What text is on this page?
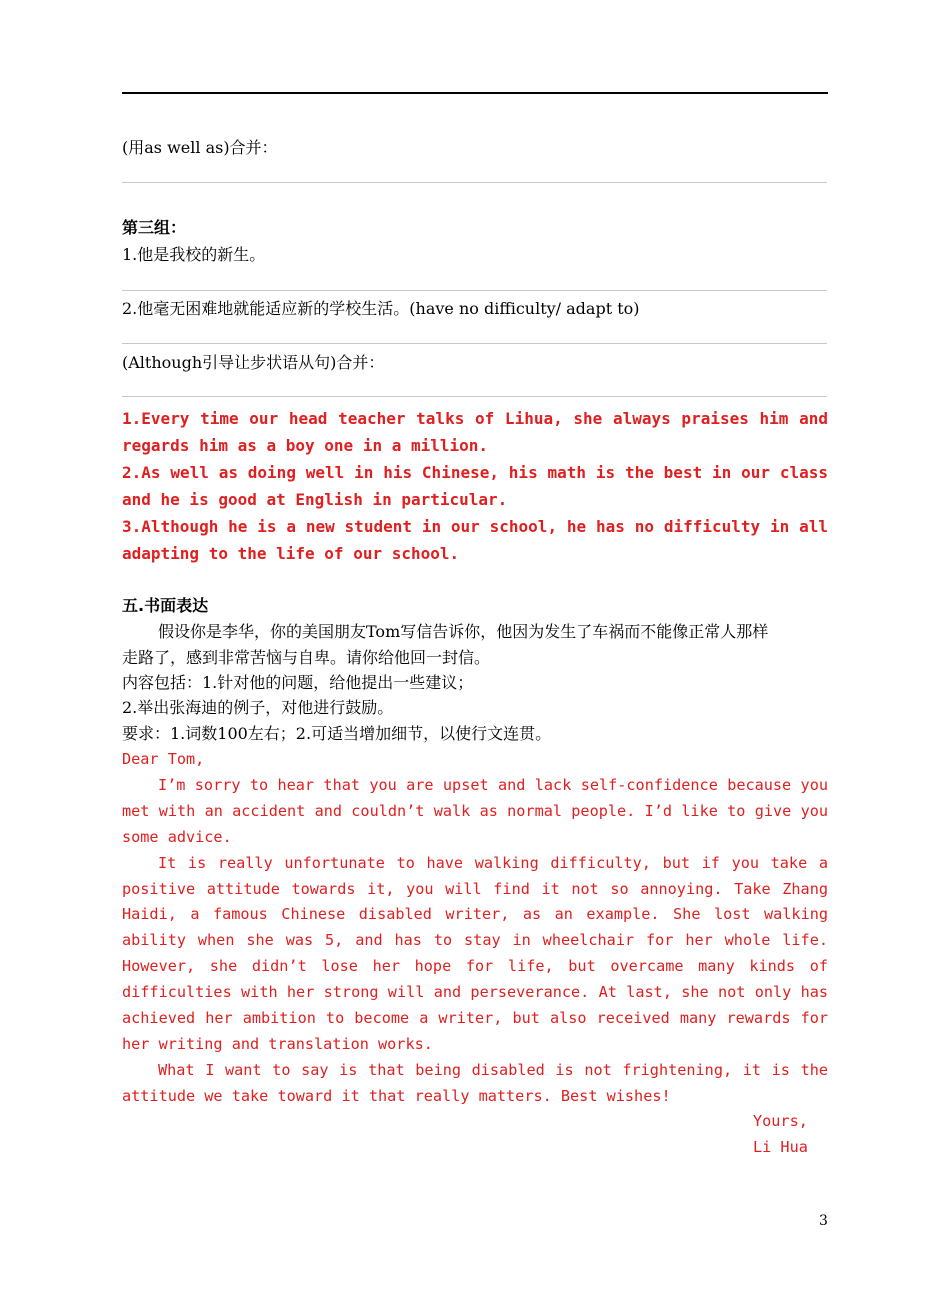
(用as well as)合并：
第三组：
1.他是我校的新生。
2.他毫无困难地就能适应新的学校生活。(have no difficulty/ adapt to)
(Although引导让步状语从句)合并：

1.Every time our head teacher talks of Lihua, she always praises him and regards him as a boy one in a million.

2.As well as doing well in his Chinese, his math is the best in our class and he is good at English in particular.

3.Although he is a new student in our school, he has no difficulty in all adapting to the life of our school.

五.书面表达
假设你是李华，你的美国朋友Tom写信告诉你，他因为发生了车祸而不能像正常人那样
走路了，感到非常苦恼与自卑。请你给他回一封信。
内容包括：1.针对他的问题，给他提出一些建议；
2.举出张海迪的例子，对他进行鼓励。
要求：1.词数100左右；2.可适当增加细节，以使行文连贯。

Dear Tom,

I’m sorry to hear that you are upset and lack self-confidence because you met with an accident and couldn’t walk as normal people. I’d like to give you some advice.

It is really unfortunate to have walking difficulty, but if you take a positive attitude towards it, you will find it not so annoying. Take Zhang Haidi, a famous Chinese disabled writer, as an example. She lost walking ability when she was 5, and has to stay in wheelchair for her whole life. However, she didn’t lose her hope for life, but overcame many kinds of difficulties with her strong will and perseverance. At last, she not only has achieved her ambition to become a writer, but also received many rewards for her writing and translation works.

What I want to say is that being disabled is not frightening, it is the attitude we take toward it that really matters. Best wishes!

Yours,
Li Hua
3
